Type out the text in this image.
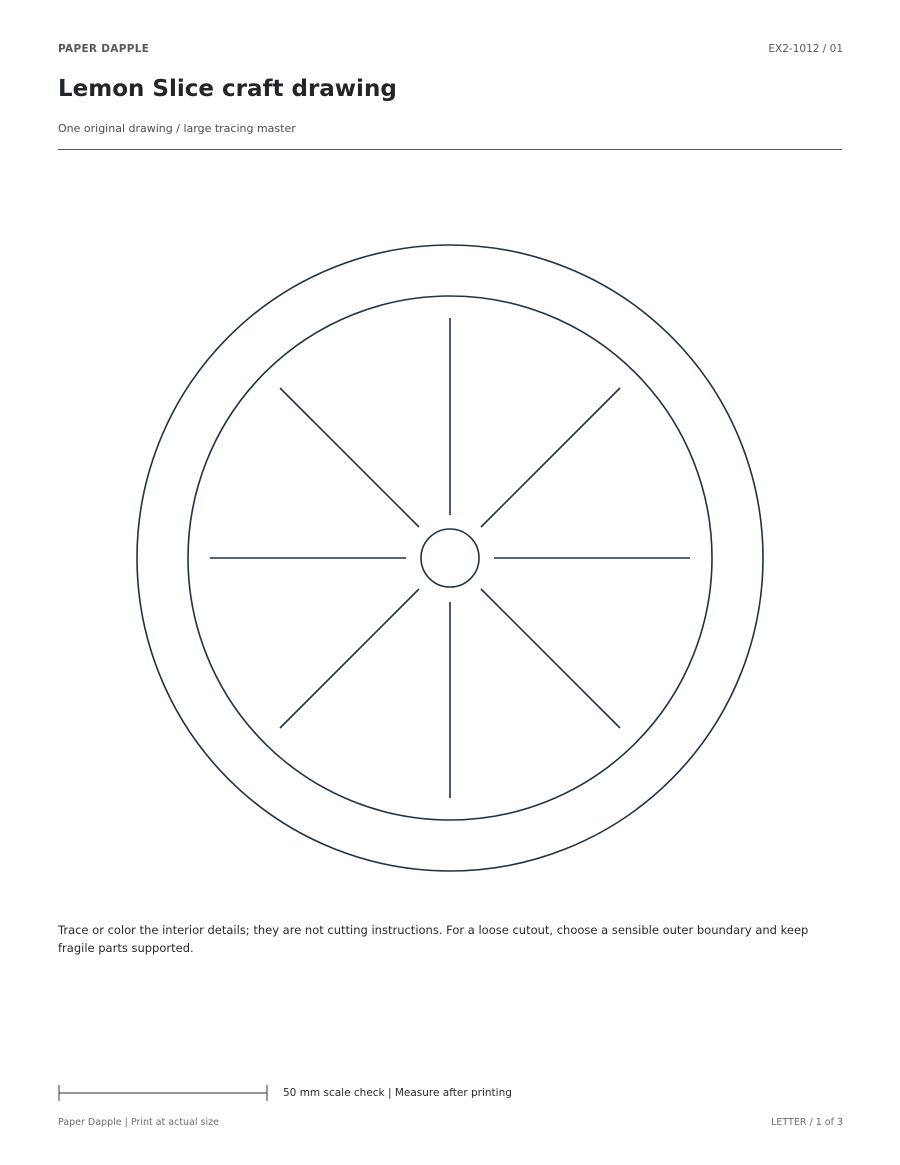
PAPER DAPPLE	EX2-1012 / 01
Lemon Slice craft drawing
One original drawing / large tracing master
Trace or color the interior details; they are not cutting instructions. For a loose cutout, choose a sensible outer boundary and keep fragile parts supported.
50 mm scale check | Measure after printing
Paper Dapple | Print at actual size	LETTER / 1 of 3
